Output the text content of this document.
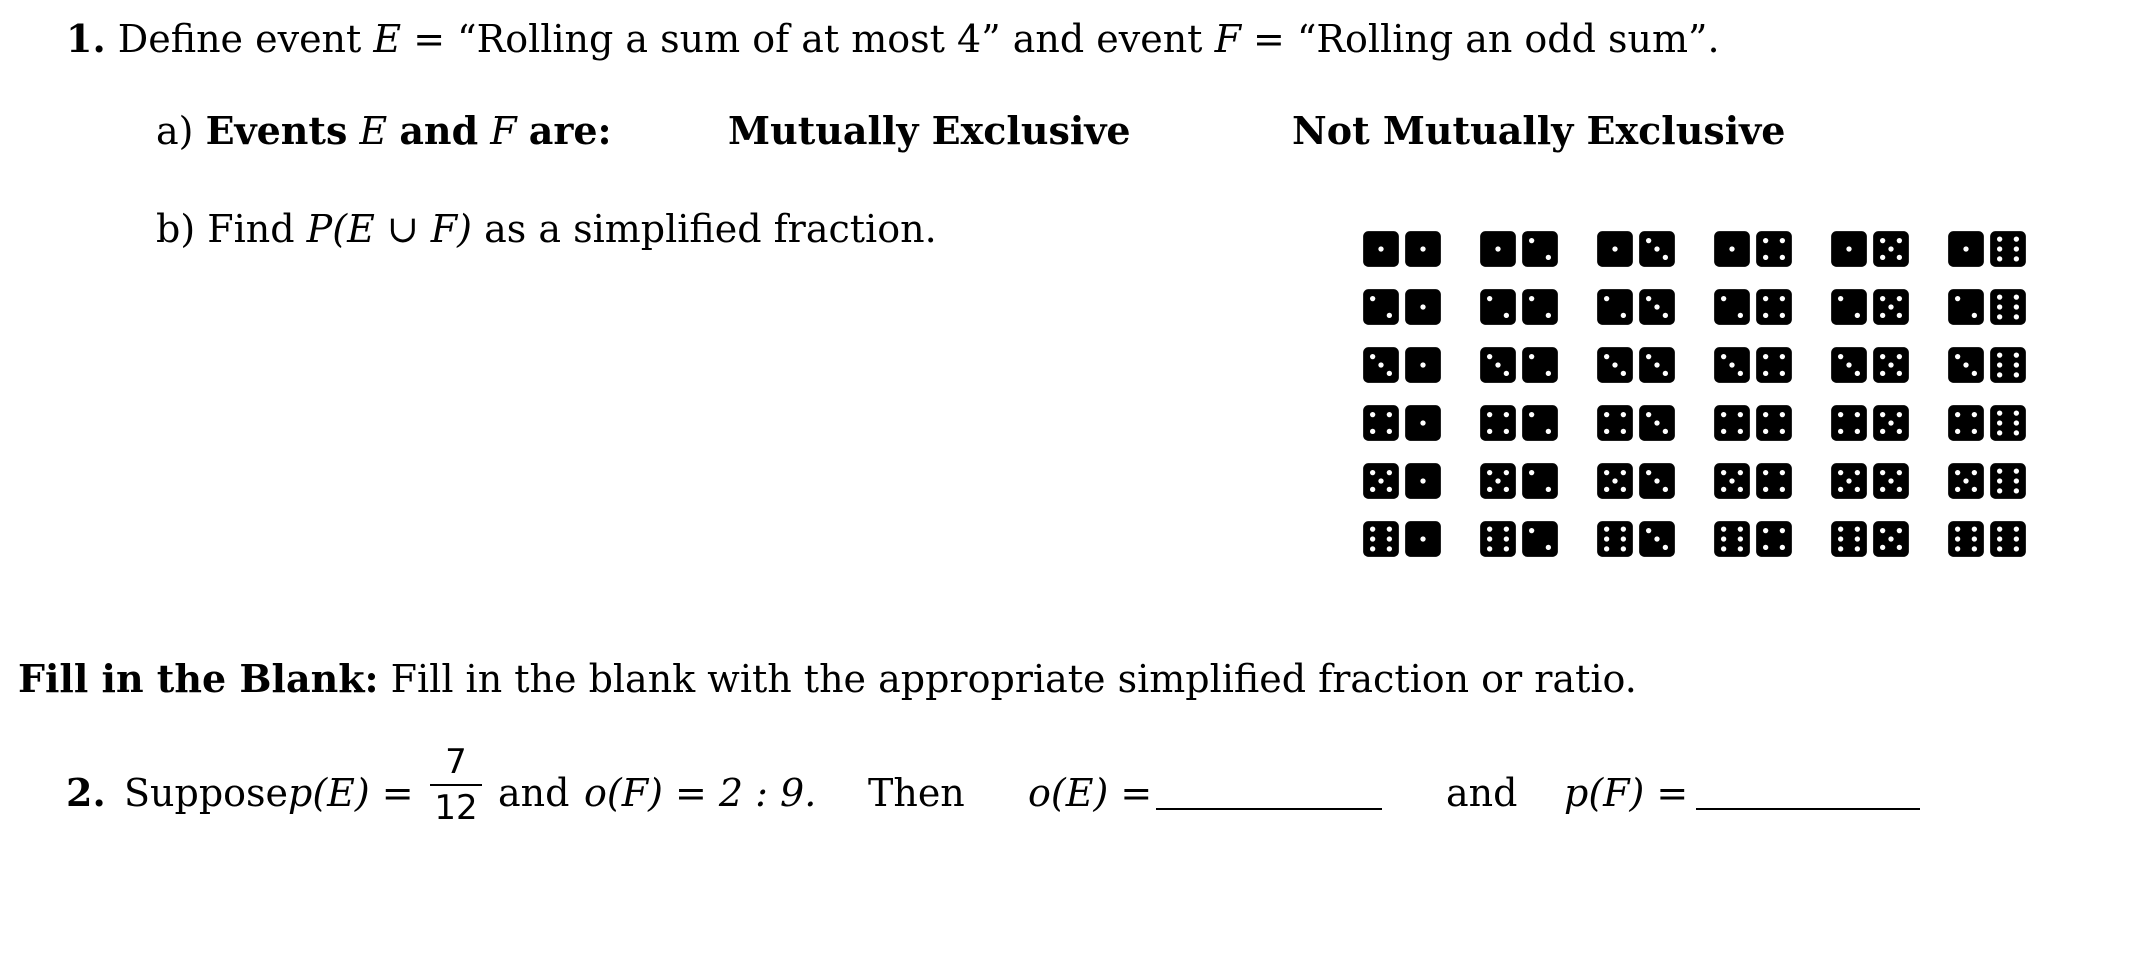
1. Define event E = “Rolling a sum of at most 4” and event F = “Rolling an odd sum”.
a) Events E and F are:	Mutually Exclusive	Not Mutually Exclusive
b) Find P(E ∪ F) as a simplified fraction.
Fill in the Blank: Fill in the blank with the appropriate simplified fraction or ratio.
2. Suppose p(E) =
7
12 and o(F) = 2 : 9. Then o(E) =	and p(F) =
